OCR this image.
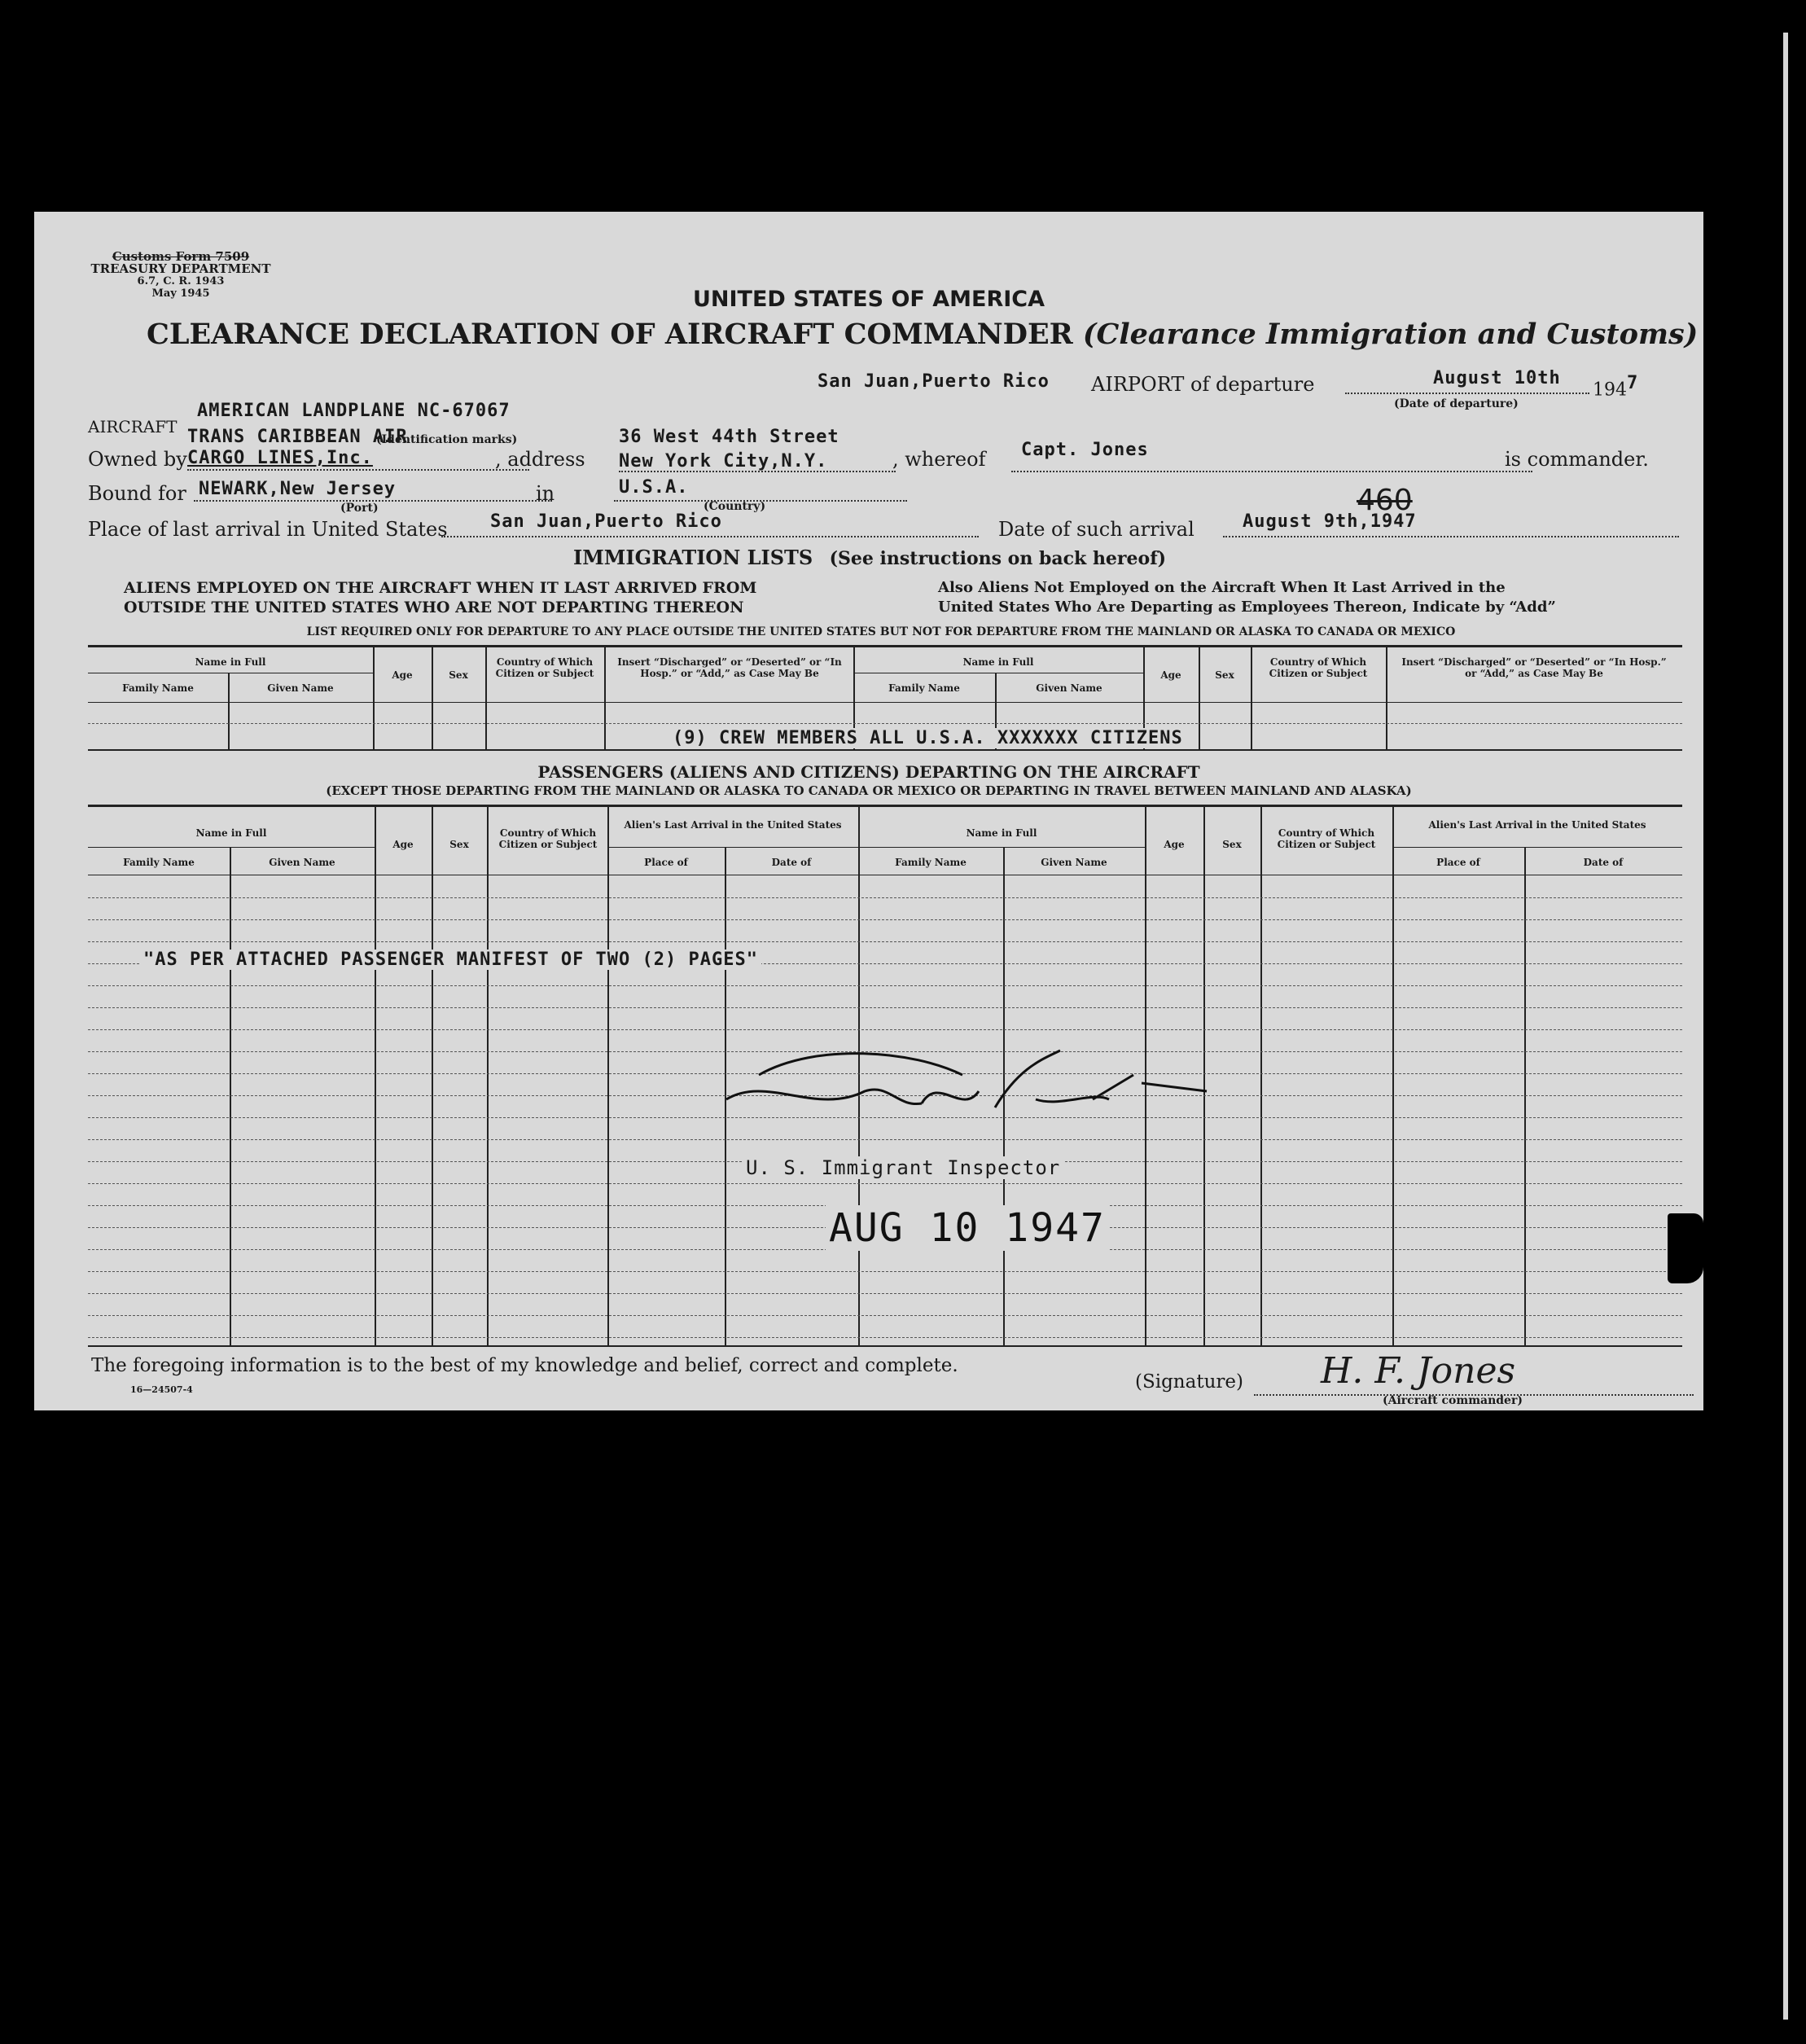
Customs Form 7509
TREASURY DEPARTMENT
6.7, C. R. 1943
May 1945	UNITED STATES OF AMERICA
CLEARANCE DECLARATION OF AIRCRAFT COMMANDER (Clearance Immigration and Customs)
San Juan,Puerto Rico AIRPORT of departure	August 10th
1947
(Date of departure)
AIRCRAFT
AMERICAN LANDPLANE NC-67067
(Identification marks)
TRANS CARIBBEAN AIR
Owned by CARGO LINES,Inc.	, address
36 West 44th Street
New York City,N.Y.	, whereof Capt. Jones	is commander.
Bound for NEWARK,New Jersey
(Port)
in	U.S.A.
(Country)
Place of last arrival in United States San Juan,Puerto Rico	Date of such arrival	August 9th,1947
460
IMMIGRATION LISTS (See instructions on back hereof)
ALIENS EMPLOYED ON THE AIRCRAFT WHEN IT LAST ARRIVED FROM
OUTSIDE THE UNITED STATES WHO ARE NOT DEPARTING THEREON
Also Aliens Not Employed on the Aircraft When It Last Arrived in the
United States Who Are Departing as Employees Thereon, Indicate by “Add”
LIST REQUIRED ONLY FOR DEPARTURE TO ANY PLACE OUTSIDE THE UNITED STATES BUT NOT FOR DEPARTURE FROM THE MAINLAND OR ALASKA TO CANADA OR MEXICO
Name in Full
Family Name	Given Name
Age	Sex
Country of Which Citizen or Subject
Insert “Discharged” or “Deserted” or “In Hosp.” or “Add,” as Case May Be
Name in Full
Family Name	Given Name
Age	Sex
Country of Which Citizen or Subject
Insert “Discharged” or “Deserted” or “In Hosp.” or “Add,” as Case May Be
(9) CREW MEMBERS ALL U.S.A. XXXXXXX CITIZENS
PASSENGERS (ALIENS AND CITIZENS) DEPARTING ON THE AIRCRAFT
(EXCEPT THOSE DEPARTING FROM THE MAINLAND OR ALASKA TO CANADA OR MEXICO OR DEPARTING IN TRAVEL BETWEEN MAINLAND AND ALASKA)
Name in Full
Family Name	Given Name
Age	Sex
Country of Which Citizen or Subject
Alien's Last Arrival in the United States
Place of	Date of
Name in Full
Family Name	Given Name
Age	Sex
Country of Which Citizen or Subject
Alien's Last Arrival in the United States
Place of	Date of
"AS PER ATTACHED PASSENGER MANIFEST OF TWO (2) PAGES"
U. S. Immigrant Inspector
AUG 10 1947
The foregoing information is to the best of my knowledge and belief, correct and complete.
16—24507-4	(Signature) H. F. Jones
(Aircraft commander)
